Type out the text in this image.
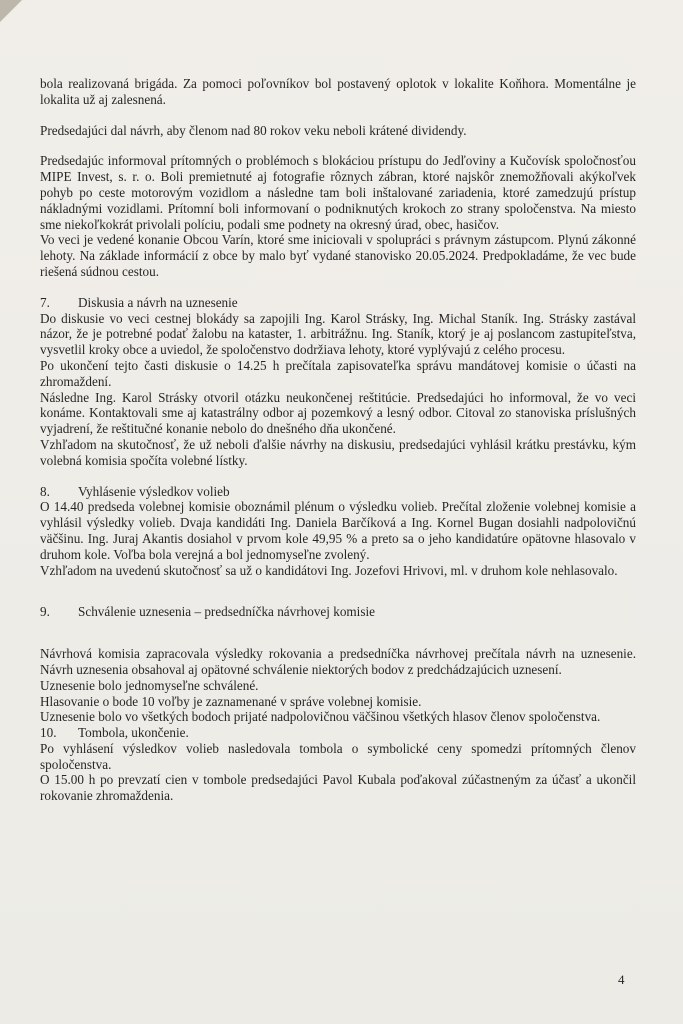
bola realizovaná brigáda. Za pomoci poľovníkov bol postavený oplotok v lokalite Koňhora. Momentálne je lokalita už aj zalesnená.

Predsedajúci dal návrh, aby členom nad 80 rokov veku neboli krátené dividendy.

Predsedajúc informoval prítomných o problémoch s blokáciou prístupu do Jedľoviny a Kučovísk spoločnosťou MIPE Invest, s. r. o. Boli premietnuté aj fotografie rôznych zábran, ktoré najskôr znemožňovali akýkoľvek pohyb po ceste motorovým vozidlom a následne tam boli inštalované zariadenia, ktoré zamedzujú prístup nákladnými vozidlami. Prítomní boli informovaní o podniknutých krokoch zo strany spoločenstva. Na miesto sme niekoľkokrát privolali políciu, podali sme podnety na okresný úrad, obec, hasičov.

Vo veci je vedené konanie Obcou Varín, ktoré sme iniciovali v spolupráci s právnym zástupcom. Plynú zákonné lehoty. Na základe informácií z obce by malo byť vydané stanovisko 20.05.2024. Predpokladáme, že vec bude riešená súdnou cestou.

7.	Diskusia a návrh na uznesenie

Do diskusie vo veci cestnej blokády sa zapojili Ing. Karol Strásky, Ing. Michal Staník. Ing. Strásky zastával názor, že je potrebné podať žalobu na kataster, 1. arbitrážnu. Ing. Staník, ktorý je aj poslancom zastupiteľstva, vysvetlil kroky obce a uviedol, že spoločenstvo dodržiava lehoty, ktoré vyplývajú z celého procesu.

Po ukončení tejto časti diskusie o 14.25 h prečítala zapisovateľka správu mandátovej komisie o účasti na zhromaždení.

Následne Ing. Karol Strásky otvoril otázku neukončenej reštitúcie. Predsedajúci ho informoval, že vo veci konáme. Kontaktovali sme aj katastrálny odbor aj pozemkový a lesný odbor. Citoval zo stanoviska príslušných vyjadrení, že reštitučné konanie nebolo do dnešného dňa ukončené.

Vzhľadom na skutočnosť, že už neboli ďalšie návrhy na diskusiu, predsedajúci vyhlásil krátku prestávku, kým volebná komisia spočíta volebné lístky.

8.	Vyhlásenie výsledkov volieb

O 14.40 predseda volebnej komisie oboznámil plénum o výsledku volieb. Prečítal zloženie volebnej komisie a vyhlásil výsledky volieb. Dvaja kandidáti Ing. Daniela Barčíková a Ing. Kornel Bugan dosiahli nadpolovičnú väčšinu. Ing. Juraj Akantis dosiahol v prvom kole 49,95 % a preto sa o jeho kandidatúre opätovne hlasovalo v druhom kole. Voľba bola verejná a bol jednomyseľne zvolený.

Vzhľadom na uvedenú skutočnosť sa už o kandidátovi Ing. Jozefovi Hrivovi, ml. v druhom kole nehlasovalo.

9.	Schválenie uznesenia – predsedníčka návrhovej komisie

Návrhová komisia zapracovala výsledky rokovania a predsedníčka návrhovej prečítala návrh na uznesenie. Návrh uznesenia obsahoval aj opätovné schválenie niektorých bodov z predchádzajúcich uznesení.

Uznesenie bolo jednomyseľne schválené.

Hlasovanie o bode 10 voľby je zaznamenané v správe volebnej komisie.

Uznesenie bolo vo všetkých bodoch prijaté nadpolovičnou väčšinou všetkých hlasov členov spoločenstva.

10.	Tombola, ukončenie.

Po vyhlásení výsledkov volieb nasledovala tombola o symbolické ceny spomedzi prítomných členov spoločenstva.

O 15.00 h po prevzatí cien v tombole predsedajúci Pavol Kubala poďakoval zúčastneným za účasť a ukončil rokovanie zhromaždenia.

4
